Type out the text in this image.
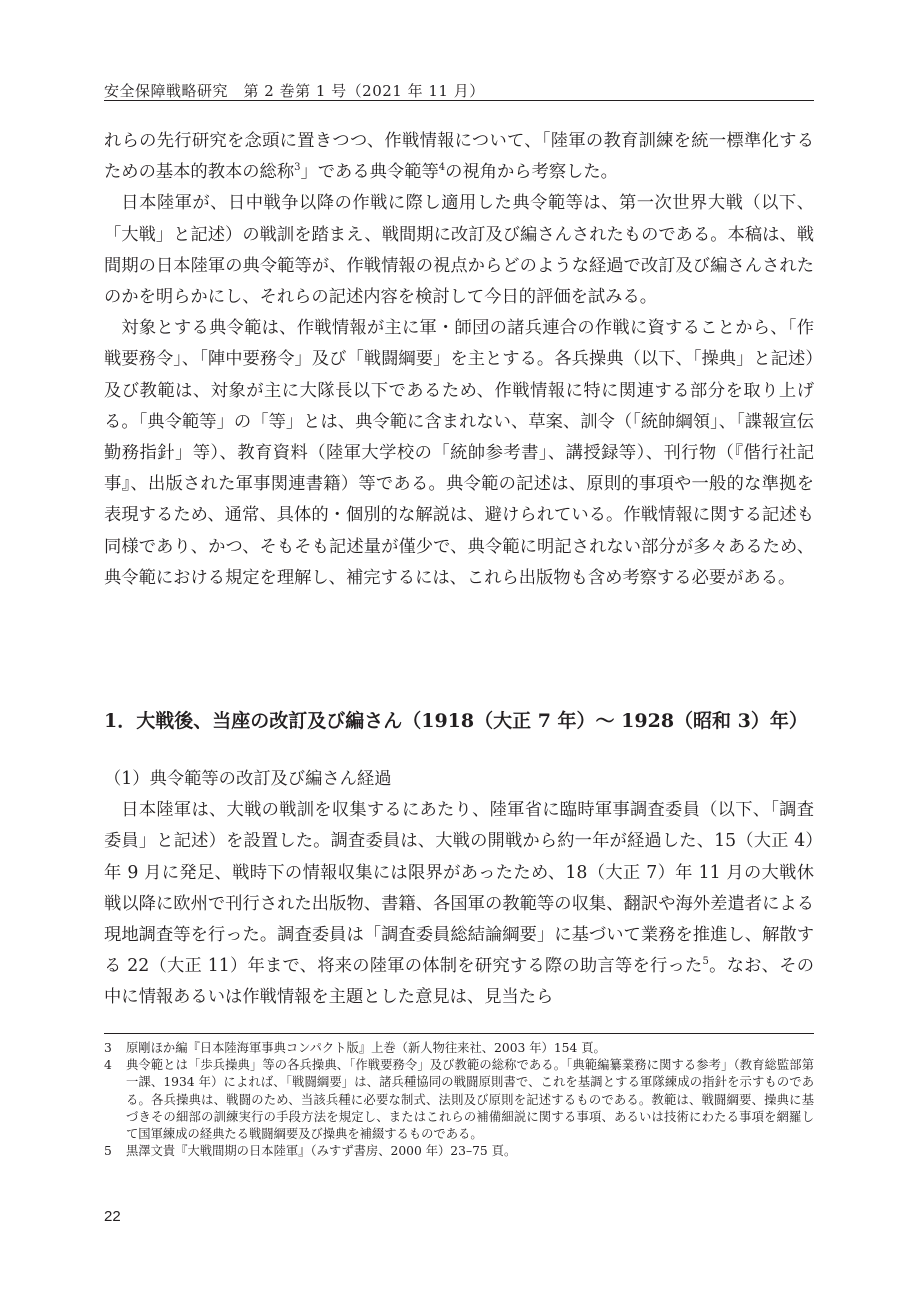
安全保障戦略研究　第 2 巻第 1 号（2021 年 11 月）

れらの先行研究を念頭に置きつつ、作戦情報について、「陸軍の教育訓練を統一標準化するための基本的教本の総称$^3$」である典令範等$^4$の視角から考察した。

日本陸軍が、日中戦争以降の作戦に際し適用した典令範等は、第一次世界大戦（以下、「大戦」と記述）の戦訓を踏まえ、戦間期に改訂及び編さんされたものである。本稿は、戦間期の日本陸軍の典令範等が、作戦情報の視点からどのような経過で改訂及び編さんされたのかを明らかにし、それらの記述内容を検討して今日的評価を試みる。

対象とする典令範は、作戦情報が主に軍・師団の諸兵連合の作戦に資することから、「作戦要務令」、「陣中要務令」及び「戦闘綱要」を主とする。各兵操典（以下、「操典」と記述）及び教範は、対象が主に大隊長以下であるため、作戦情報に特に関連する部分を取り上げる。「典令範等」の「等」とは、典令範に含まれない、草案、訓令（「統帥綱領」、「諜報宣伝勤務指針」等）、教育資料（陸軍大学校の「統帥参考書」、講授録等）、刊行物（『偕行社記事』、出版された軍事関連書籍）等である。典令範の記述は、原則的事項や一般的な準拠を表現するため、通常、具体的・個別的な解説は、避けられている。作戦情報に関する記述も同様であり、かつ、そもそも記述量が僅少で、典令範に明記されない部分が多々あるため、典令範における規定を理解し、補完するには、これら出版物も含め考察する必要がある。

1．大戦後、当座の改訂及び編さん（1918（大正 7 年）～ 1928（昭和 3）年）
（1）典令範等の改訂及び編さん経過

日本陸軍は、大戦の戦訓を収集するにあたり、陸軍省に臨時軍事調査委員（以下、「調査委員」と記述）を設置した。調査委員は、大戦の開戦から約一年が経過した、15（大正 4）年 9 月に発足、戦時下の情報収集には限界があったため、18（大正 7）年 11 月の大戦休戦以降に欧州で刊行された出版物、書籍、各国軍の教範等の収集、翻訳や海外差遣者による現地調査等を行った。調査委員は「調査委員総結論綱要」に基づいて業務を推進し、解散する 22（大正 11）年まで、将来の陸軍の体制を研究する際の助言等を行った$^5$。なお、その中に情報あるいは作戦情報を主題とした意見は、見当たら

3 原剛ほか編『日本陸海軍事典コンパクト版』上巻（新人物往来社、2003 年）154 頁。

4 典令範とは「歩兵操典」等の各兵操典、「作戦要務令」及び教範の総称である。「典範編纂業務に関する参考」（教育総監部第一課、1934 年）によれば、「戦闘綱要」は、諸兵種協同の戦闘原則書で、これを基調とする軍隊練成の指針を示すものである。各兵操典は、戦闘のため、当該兵種に必要な制式、法則及び原則を記述するものである。教範は、戦闘綱要、操典に基づきその細部の訓練実行の手段方法を規定し、またはこれらの補備細説に関する事項、あるいは技術にわたる事項を網羅して国軍練成の経典たる戦闘綱要及び操典を補綴するものである。

5 黒澤文貴『大戦間期の日本陸軍』（みすず書房、2000 年）23–75 頁。

22
